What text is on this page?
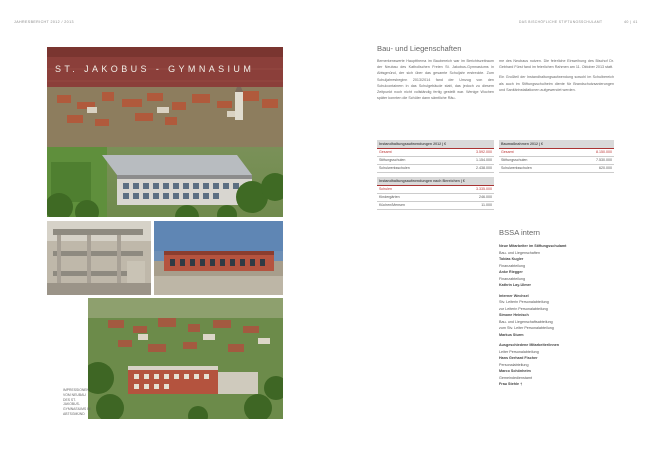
JAHRESBERICHT 2012 / 2013	DAS BISCHÖFLICHE STIFTUNGSSCHULAMT	40 | 41
ST. JAKOBUS - GYMNASIUM
IMPRESSIONEN
VOM NEUBAU
DES ST. JAKOBUS-
GYMNASIUMS IN
ABTSGMÜND
Bau- und Liegenschaften

Bemerkenswerte Hauptthema im Baubereich war im Berichtszeitraum der Neubau des Katholischen Freien St. Jakobus-Gymnasiums in Abtsgmünd, der sich über das gesamte Schuljahr erstreckte. Zum Schuljahresbeginn 2013/2014 fand der Umzug von den Schulcontainern in das Schulgebäude statt, das jedoch zu diesem Zeitpunkt noch nicht vollständig fertig gestellt war. Wenige Wochen später konnten die Schüler dann sämtliche Räu-

me des Neubaus nutzen. Die feierliche Einweihung des Bischof Dr. Gebhard Fürst fand im feierlichen Rahmen am 11. Oktober 2013 statt.

Ein Großteil der Instandhaltungsaufwendung sowohl im Schulbereich als auch im Stiftungsschulheim diente für Brandschutzsanierungen und Sanitärinstallationen aufgewendet werden.

Instandhaltungsaufwendungen 2012 | €	
Gesamt	3.592.000
Stiftungsschulen	1.154.000
Schulwerksschulen	2.438.000
Baumaßnahmen 2012 | €	
Gesamt	8.150.000
Stiftungsschulen	7.530.000
Schulwerksschulen	620.000
Instandhaltungsaufwendungen nach Bereichen | €	
Schulen	3.335.000
Kindergärten	246.000
Küchen/Mensen	11.000
BSSA intern
Neue Mitarbeiter im Stiftungsschulamt
Bau- und Liegenschaften
Tobias Kugler
Finanzabteilung
Anke Riegger
Finanzabteilung
Kathrin Lay-Ulmer
Interner Wechsel
Stv. Leiterin Personalabteilung
zur Leiterin Personalabteilung
Simone Heinisch
Bau- und Liegenschaftsabteilung
zum Stv. Leiter Personalabteilung
Markus Sturm
Ausgeschiedene Mitarbeiter/innen
Leiter Personalabteilung
Hans Gerhard Fischer
Personalabteilung
Marco Schönheim
Gemeindedienstamt
Frau Stehle †
